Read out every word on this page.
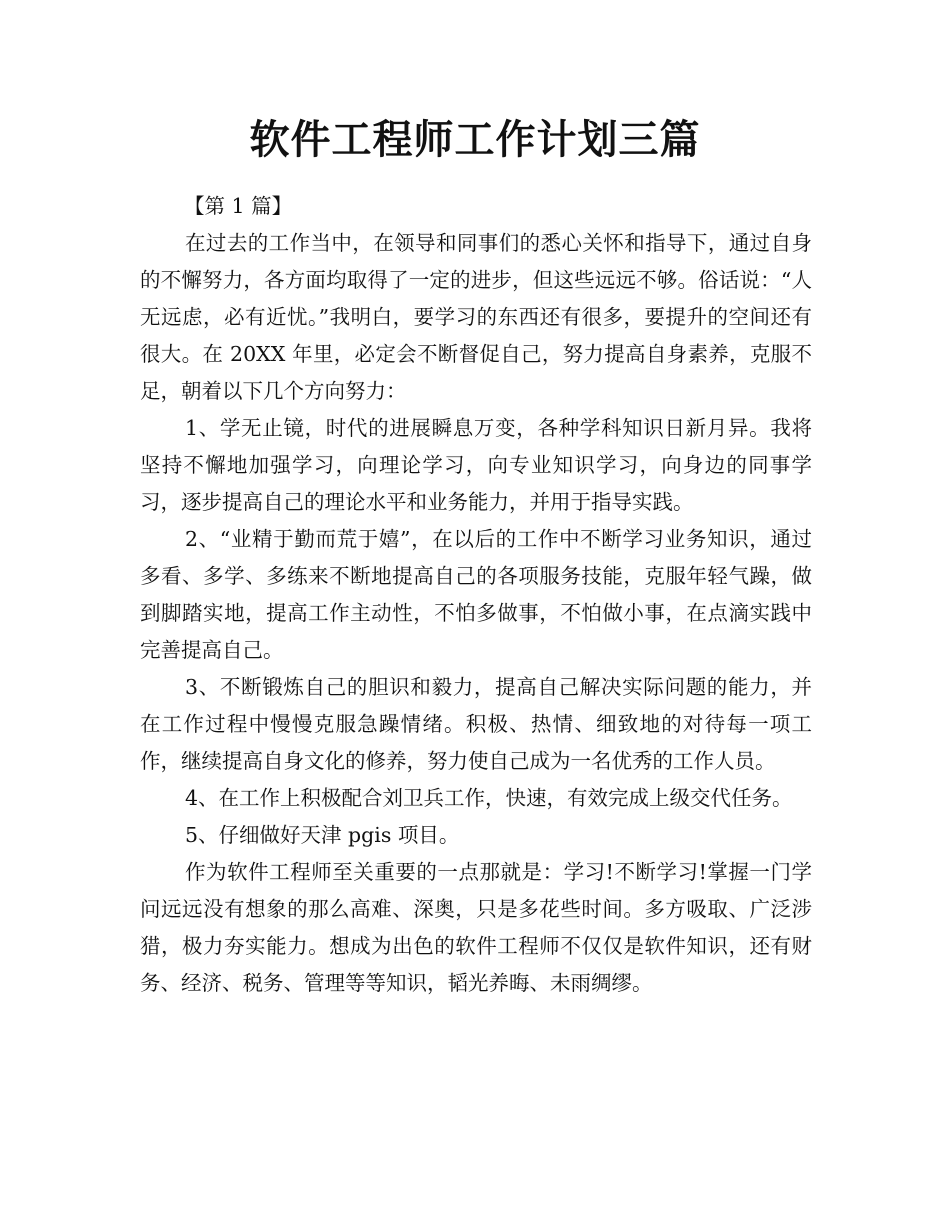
软件工程师工作计划三篇

【第 1 篇】

在过去的工作当中，在领导和同事们的悉心关怀和指导下，通过自身的不懈努力，各方面均取得了一定的进步，但这些远远不够。俗话说：“人无远虑，必有近忧。”我明白，要学习的东西还有很多，要提升的空间还有很大。在 20XX 年里，必定会不断督促自己，努力提高自身素养，克服不足，朝着以下几个方向努力：

1、学无止镜，时代的进展瞬息万变，各种学科知识日新月异。我将坚持不懈地加强学习，向理论学习，向专业知识学习，向身边的同事学习，逐步提高自己的理论水平和业务能力，并用于指导实践。

2、“业精于勤而荒于嬉”，在以后的工作中不断学习业务知识，通过多看、多学、多练来不断地提高自己的各项服务技能，克服年轻气躁，做到脚踏实地，提高工作主动性，不怕多做事，不怕做小事，在点滴实践中完善提高自己。

3、不断锻炼自己的胆识和毅力，提高自己解决实际问题的能力，并在工作过程中慢慢克服急躁情绪。积极、热情、细致地的对待每一项工作，继续提高自身文化的修养，努力使自己成为一名优秀的工作人员。

4、在工作上积极配合刘卫兵工作，快速，有效完成上级交代任务。

5、仔细做好天津 pgis 项目。

作为软件工程师至关重要的一点那就是：学习!不断学习!掌握一门学问远远没有想象的那么高难、深奥，只是多花些时间。多方吸取、广泛涉猎，极力夯实能力。想成为出色的软件工程师不仅仅是软件知识，还有财务、经济、税务、管理等等知识，韬光养晦、未雨绸缪。
